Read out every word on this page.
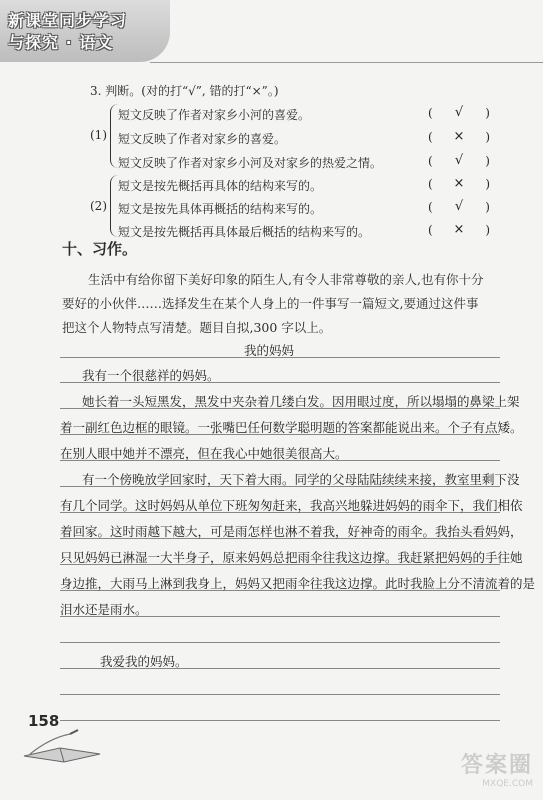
新课堂同步学习
与探究 · 语文
3. 判断。(对的打“√”, 错的打“×”。)
(1)
短文反映了作者对家乡小河的喜爱。
短文反映了作者对家乡的喜爱。
短文反映了作者对家乡小河及对家乡的热爱之情。
( √ )
( × )
( √ )
(2)
短文是按先概括再具体的结构来写的。
短文是按先具体再概括的结构来写的。
短文是按先概括再具体最后概括的结构来写的。
( × )
( √ )
( × )
十、习作。
生活中有给你留下美好印象的陌生人,有令人非常尊敬的亲人,也有你十分
要好的小伙伴……选择发生在某个人身上的一件事写一篇短文,要通过这件事
把这个人物特点写清楚。题目自拟,300 字以上。
我的妈妈
我有一个很慈祥的妈妈。
她长着一头短黑发，黑发中夹杂着几缕白发。因用眼过度，所以塌塌的鼻梁上架
着一副红色边框的眼镜。一张嘴巴任何数学聪明题的答案都能说出来。个子有点矮。
在别人眼中她并不漂亮，但在我心中她很美很高大。
有一个傍晚放学回家时，天下着大雨。同学的父母陆陆续续来接，教室里剩下没
有几个同学。这时妈妈从单位下班匆匆赶来，我高兴地躲进妈妈的雨伞下，我们相依
着回家。这时雨越下越大，可是雨怎样也淋不着我，好神奇的雨伞。我抬头看妈妈，
只见妈妈已淋湿一大半身子，原来妈妈总把雨伞往我这边撑。我赶紧把妈妈的手往她
身边推，大雨马上淋到我身上，妈妈又把雨伞往我这边撑。此时我脸上分不清流着的是
泪水还是雨水。
我爱我的妈妈。
158
答案圈
MXQE.COM
